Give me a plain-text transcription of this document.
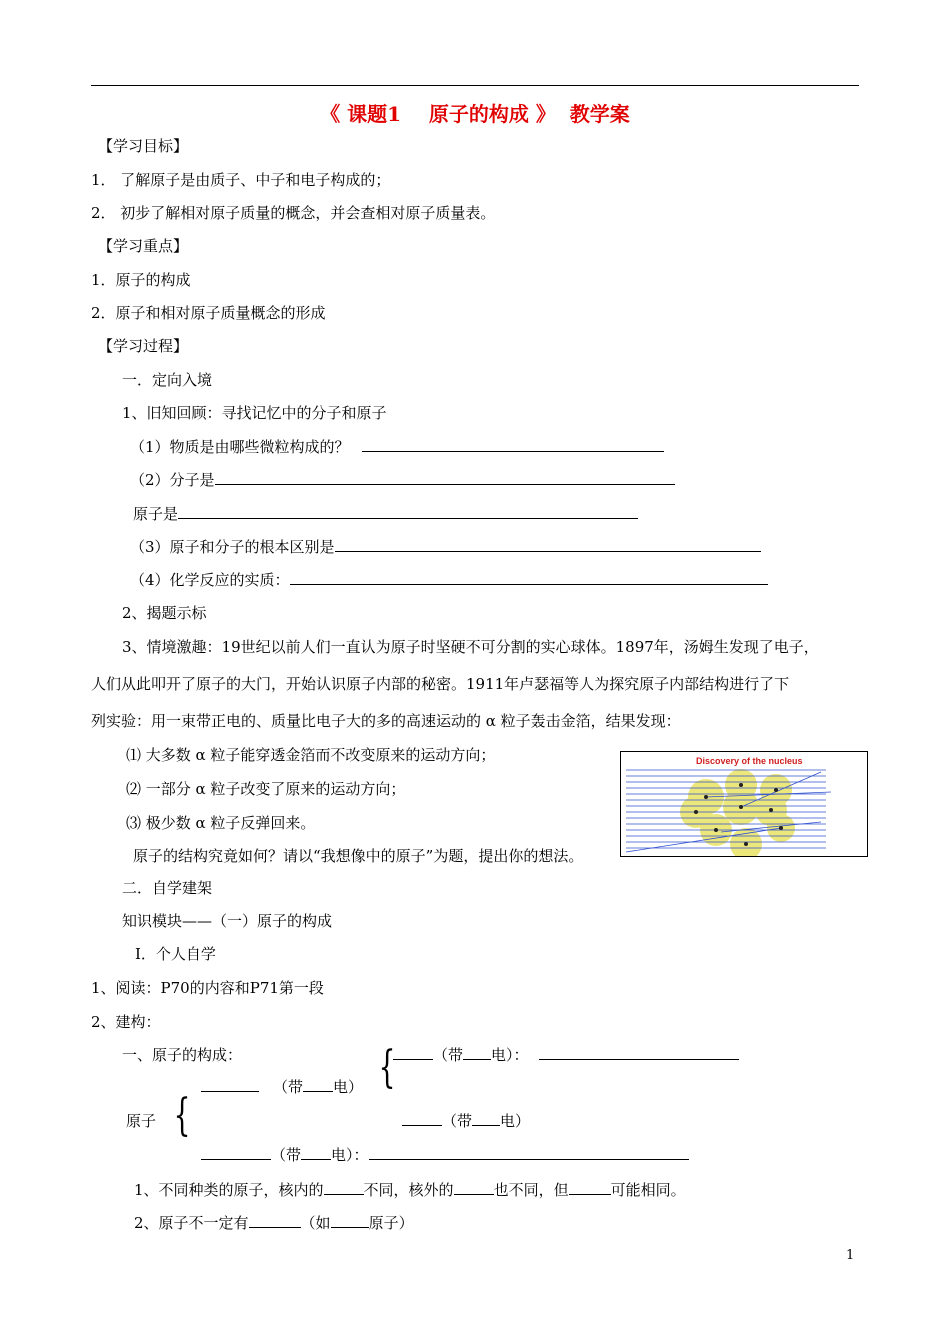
《 课题1    原子的构成 》  教学案
【学习目标】
1． 了解原子是由质子、中子和电子构成的；
2． 初步了解相对原子质量的概念，并会查相对原子质量表。
【学习重点】
1．原子的构成
2．原子和相对原子质量概念的形成
【学习过程】
一．定向入境
1、旧知回顾：寻找记忆中的分子和原子
（1）物质是由哪些微粒构成的？
（2）分子是
原子是
（3）原子和分子的根本区别是
（4）化学反应的实质：
2、揭题示标
3、情境激趣：19世纪以前人们一直认为原子时坚硬不可分割的实心球体。1897年，汤姆生发现了电子，
人们从此叩开了原子的大门，开始认识原子内部的秘密。1911年卢瑟福等人为探究原子内部结构进行了下
列实验：用一束带正电的、质量比电子大的多的高速运动的 α 粒子轰击金箔，结果发现：
⑴ 大多数 α 粒子能穿透金箔而不改变原来的运动方向；
⑵ 一部分 α 粒子改变了原来的运动方向；
⑶ 极少数 α 粒子反弹回来。
原子的结构究竟如何？请以“我想像中的原子”为题，提出你的想法。
Discovery of the nucleus
二．自学建架
知识模块——（一）原子的构成
Ⅰ．个人自学
1、阅读：P70的内容和P71第一段
2、建构：
一、原子的构成：	（带 电）：
{
（带 电）
原子 {	（带 电）
（带 电）：
1、不同种类的原子，核内的	不同，核外的	也不同，但	可能相同。
2、原子不一定有	（如	原子）
1
